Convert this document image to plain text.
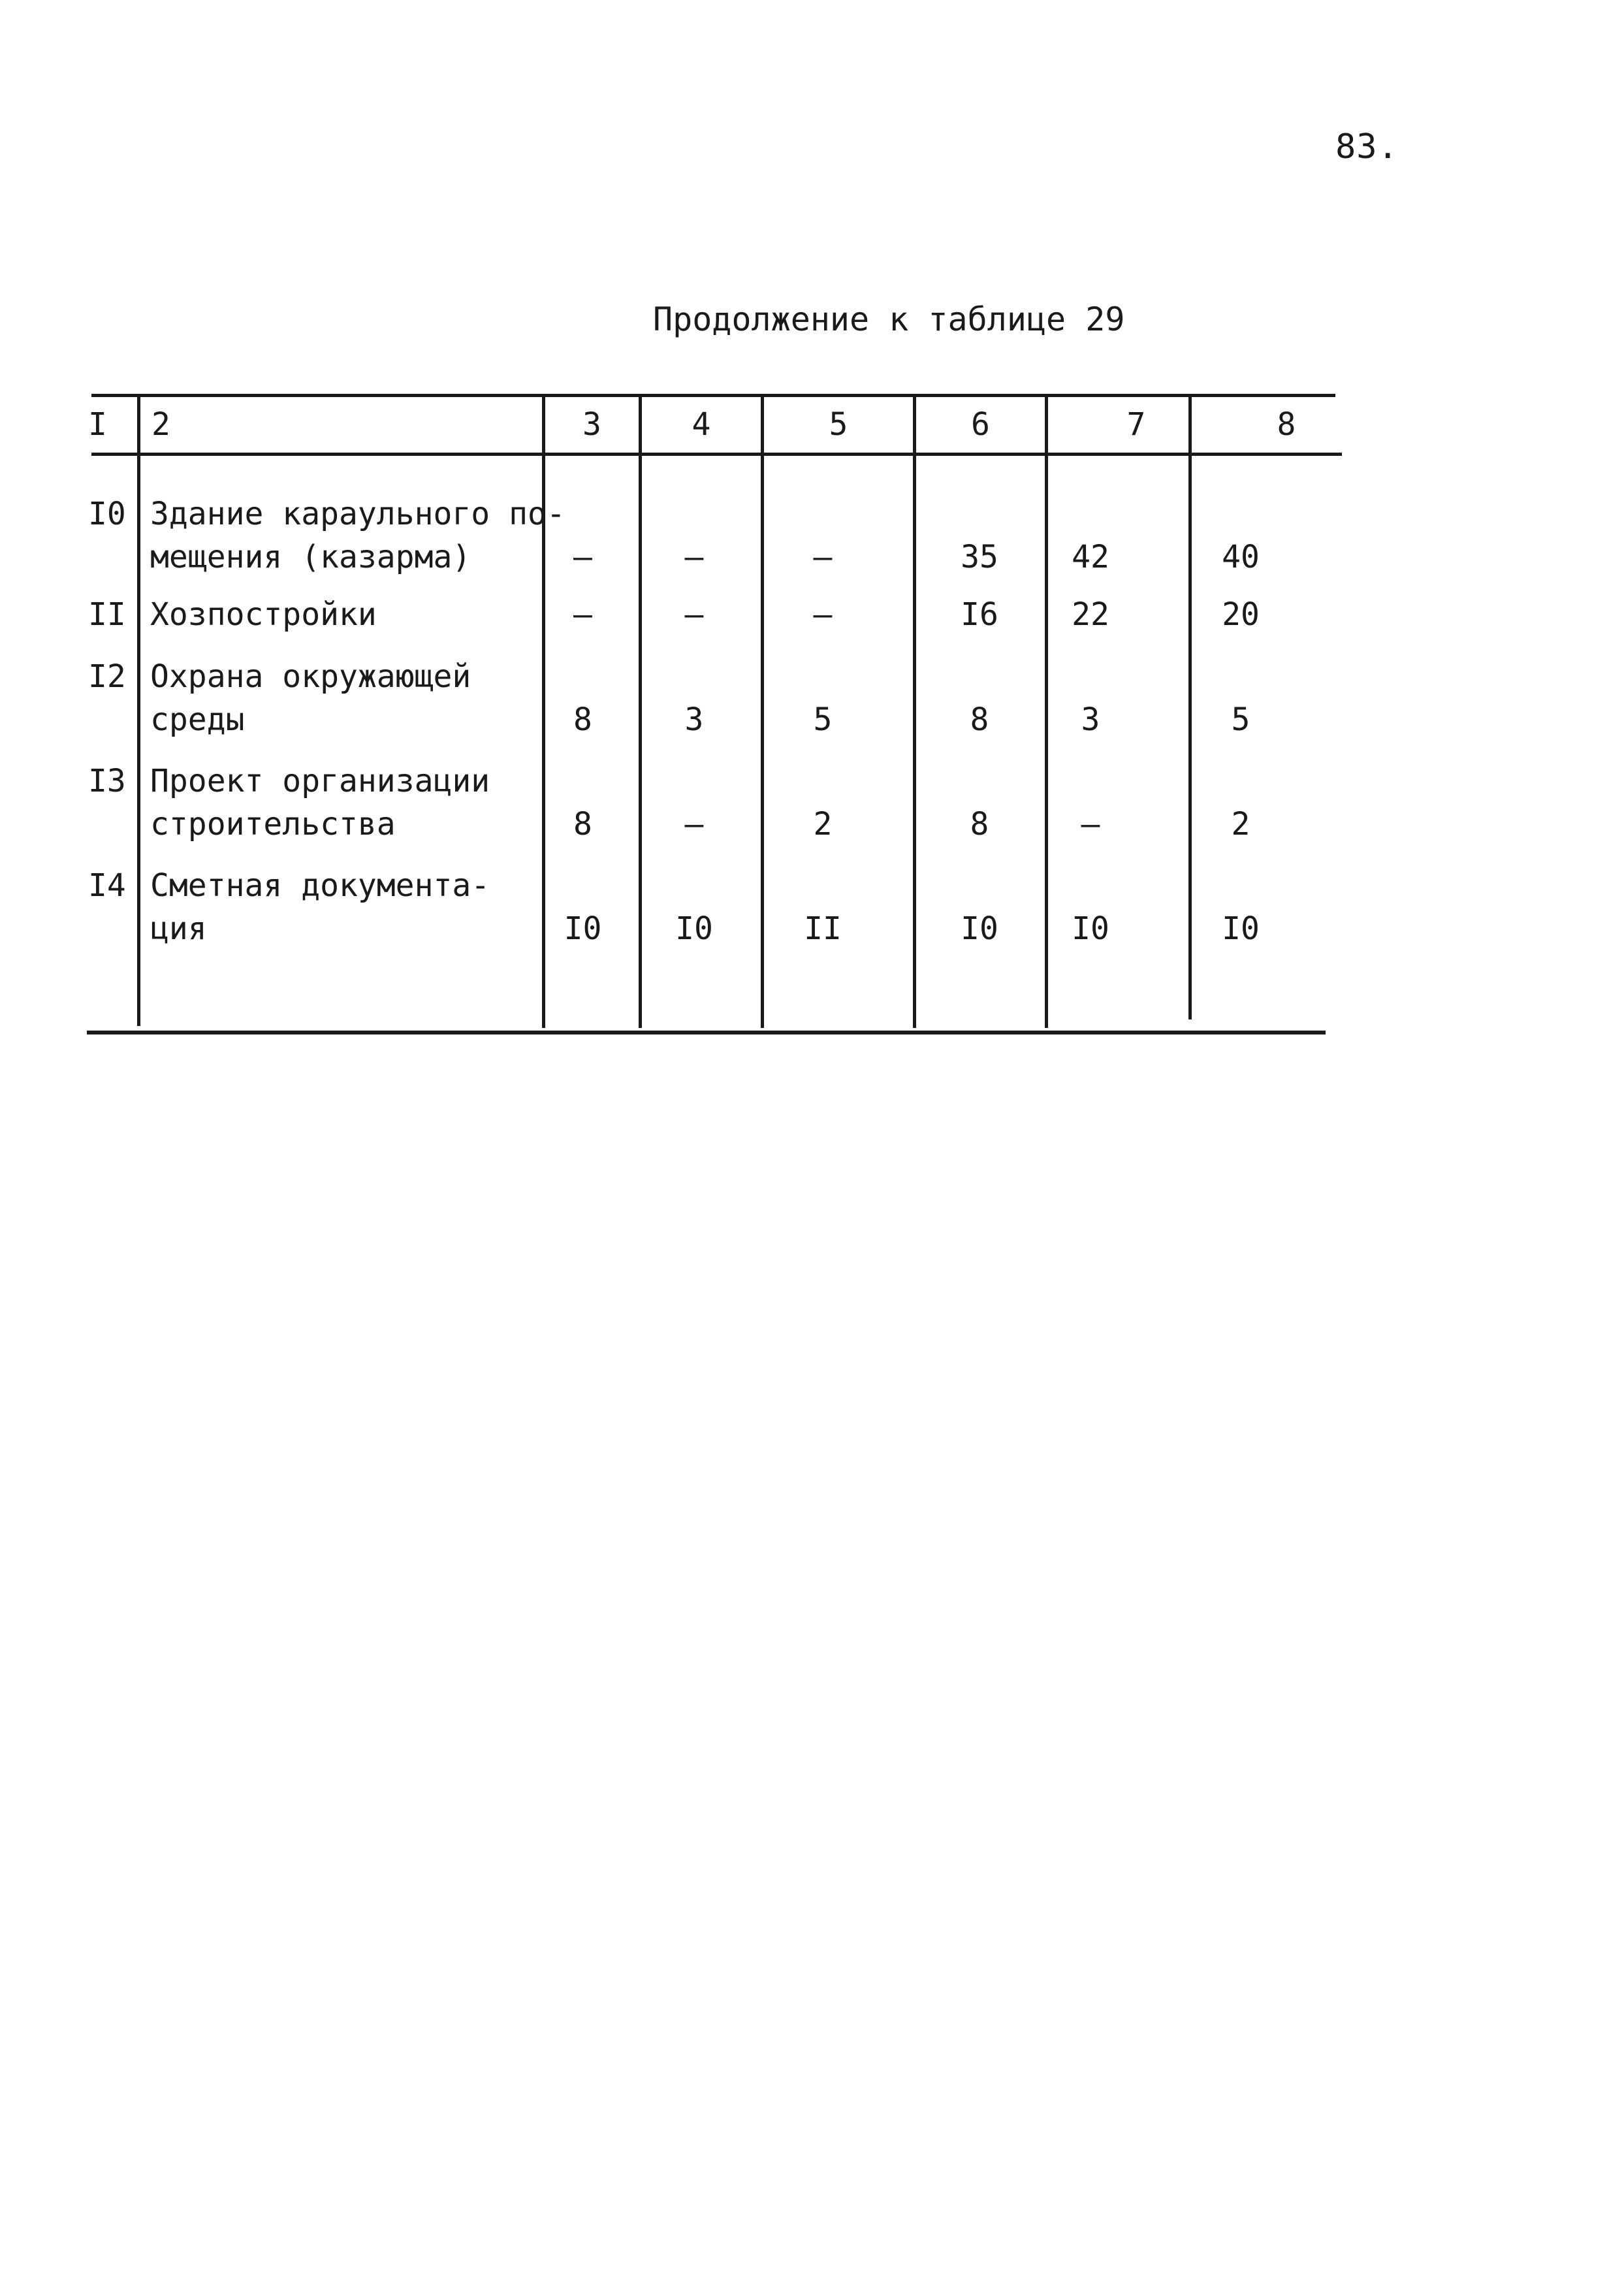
83.
Продолжение к таблице 29
I 2	3	4	5	6	7	8
I0 Здание караульного по-
мещения (казарма)	–	–	–	35	42	40
II Хозпостройки	–	–	–	I6	22	20
I2 Охрана окружающей
среды	8	3	5	8	3	5
I3 Проект организации
строительства	8	–	2	8	–	2
I4 Сметная документа-
ция	I0	I0	II	I0	I0	I0
